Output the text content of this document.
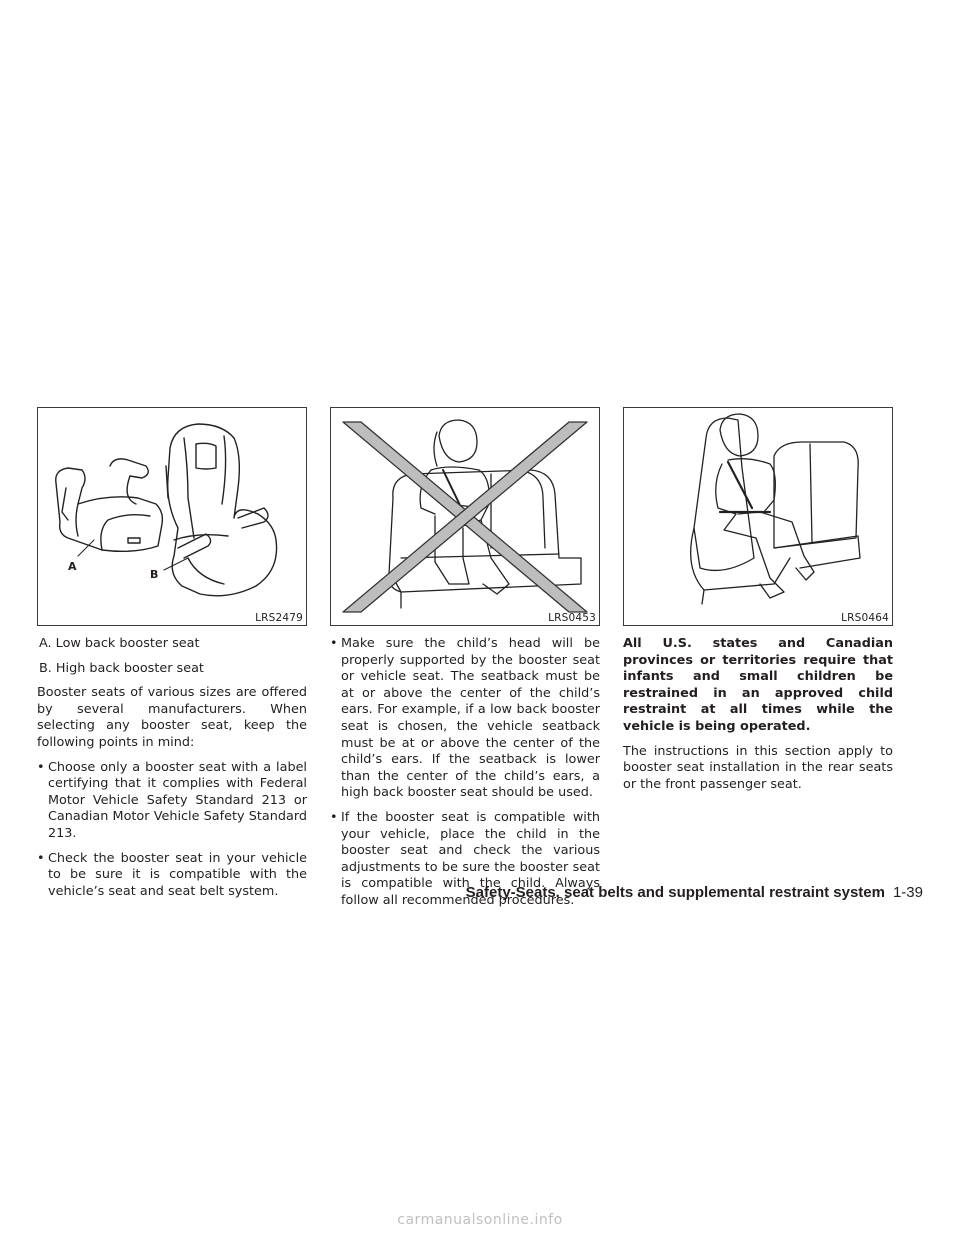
A
B
LRS2479	LRS0453	LRS0464
A. Low back booster seat
B. High back booster seat

Booster seats of various sizes are offered by several manufacturers. When selecting any booster seat, keep the following points in mind:

• Choose only a booster seat with a label certifying that it complies with Federal Motor Vehicle Safety Standard 213 or Canadian Motor Vehicle Safety Standard 213.
• Check the booster seat in your vehicle to be sure it is compatible with the vehicle’s seat and seat belt system.
• Make sure the child’s head will be properly supported by the booster seat or vehicle seat. The seatback must be at or above the center of the child’s ears. For example, if a low back booster seat is chosen, the vehicle seatback must be at or above the center of the child’s ears. If the seatback is lower than the center of the child’s ears, a high back booster seat should be used.
• If the booster seat is compatible with your vehicle, place the child in the booster seat and check the various adjustments to be sure the booster seat is compatible with the child. Always follow all recommended procedures.

All U.S. states and Canadian provinces or territories require that infants and small children be restrained in an approved child restraint at all times while the vehicle is being operated.

The instructions in this section apply to booster seat installation in the rear seats or the front passenger seat.

Safety-Seats, seat belts and supplemental restraint system 1-39
carmanualsonline.info
